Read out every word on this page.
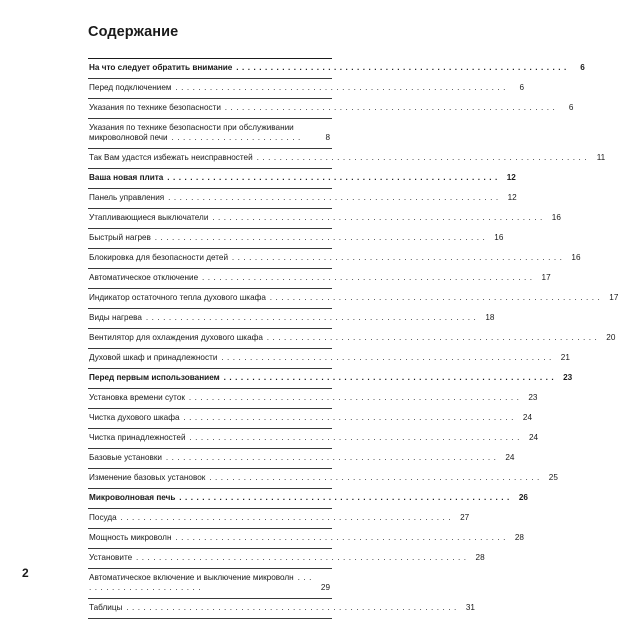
Содержание
На что следует обратить внимание . . . . . . . . . . . . . . . . . . . . . . . . . . . . . . . . . . . . . . . . . . . . . . . . . . . . . . . . . .	6
Перед подключением . . . . . . . . . . . . . . . . . . . . . . . . . . . . . . . . . . . . . . . . . . . . . . . . . . . . . . . . . .	6
Указания по технике безопасности . . . . . . . . . . . . . . . . . . . . . . . . . . . . . . . . . . . . . . . . . . . . . . . . . . . . . . . . . .	6
Указания по технике безопасности при обслуживании микроволновой печи . . . . . . . . . . . . . . . . . . . . . . .	8
Так Вам удастся избежать неисправностей . . . . . . . . . . . . . . . . . . . . . . . . . . . . . . . . . . . . . . . . . . . . . . . . . . . . . . . . . .	11
Ваша новая плита . . . . . . . . . . . . . . . . . . . . . . . . . . . . . . . . . . . . . . . . . . . . . . . . . . . . . . . . . .	12
Панель управления . . . . . . . . . . . . . . . . . . . . . . . . . . . . . . . . . . . . . . . . . . . . . . . . . . . . . . . . . .	12
Утапливающиеся выключатели . . . . . . . . . . . . . . . . . . . . . . . . . . . . . . . . . . . . . . . . . . . . . . . . . . . . . . . . . .	16
Быстрый нагрев . . . . . . . . . . . . . . . . . . . . . . . . . . . . . . . . . . . . . . . . . . . . . . . . . . . . . . . . . .	16
Блокировка для безопасности детей . . . . . . . . . . . . . . . . . . . . . . . . . . . . . . . . . . . . . . . . . . . . . . . . . . . . . . . . . .	16
Автоматическое отключение . . . . . . . . . . . . . . . . . . . . . . . . . . . . . . . . . . . . . . . . . . . . . . . . . . . . . . . . . .	17
Индикатор остаточного тепла духового шкафа . . . . . . . . . . . . . . . . . . . . . . . . . . . . . . . . . . . . . . . . . . . . . . . . . . . . . . . . . .	17
Виды нагрева . . . . . . . . . . . . . . . . . . . . . . . . . . . . . . . . . . . . . . . . . . . . . . . . . . . . . . . . . .	18
Вентилятор для охлаждения духового шкафа . . . . . . . . . . . . . . . . . . . . . . . . . . . . . . . . . . . . . . . . . . . . . . . . . . . . . . . . . .	20
Духовой шкаф и принадлежности . . . . . . . . . . . . . . . . . . . . . . . . . . . . . . . . . . . . . . . . . . . . . . . . . . . . . . . . . .	21
Перед первым использованием . . . . . . . . . . . . . . . . . . . . . . . . . . . . . . . . . . . . . . . . . . . . . . . . . . . . . . . . . .	23
Установка времени суток . . . . . . . . . . . . . . . . . . . . . . . . . . . . . . . . . . . . . . . . . . . . . . . . . . . . . . . . . .	23
Чистка духового шкафа . . . . . . . . . . . . . . . . . . . . . . . . . . . . . . . . . . . . . . . . . . . . . . . . . . . . . . . . . .	24
Чистка принадлежностей . . . . . . . . . . . . . . . . . . . . . . . . . . . . . . . . . . . . . . . . . . . . . . . . . . . . . . . . . .	24
Базовые установки . . . . . . . . . . . . . . . . . . . . . . . . . . . . . . . . . . . . . . . . . . . . . . . . . . . . . . . . . .	24
Изменение базовых установок . . . . . . . . . . . . . . . . . . . . . . . . . . . . . . . . . . . . . . . . . . . . . . . . . . . . . . . . . .	25
Микроволновая печь . . . . . . . . . . . . . . . . . . . . . . . . . . . . . . . . . . . . . . . . . . . . . . . . . . . . . . . . . .	26
Посуда . . . . . . . . . . . . . . . . . . . . . . . . . . . . . . . . . . . . . . . . . . . . . . . . . . . . . . . . . .	27
Мощность микроволн . . . . . . . . . . . . . . . . . . . . . . . . . . . . . . . . . . . . . . . . . . . . . . . . . . . . . . . . . .	28
Установите . . . . . . . . . . . . . . . . . . . . . . . . . . . . . . . . . . . . . . . . . . . . . . . . . . . . . . . . . .	28
Автоматическое включение и выключение микроволн . . . . . . . . . . . . . . . . . . . . . . .	29
Таблицы . . . . . . . . . . . . . . . . . . . . . . . . . . . . . . . . . . . . . . . . . . . . . . . . . . . . . . . . . .	31
2
